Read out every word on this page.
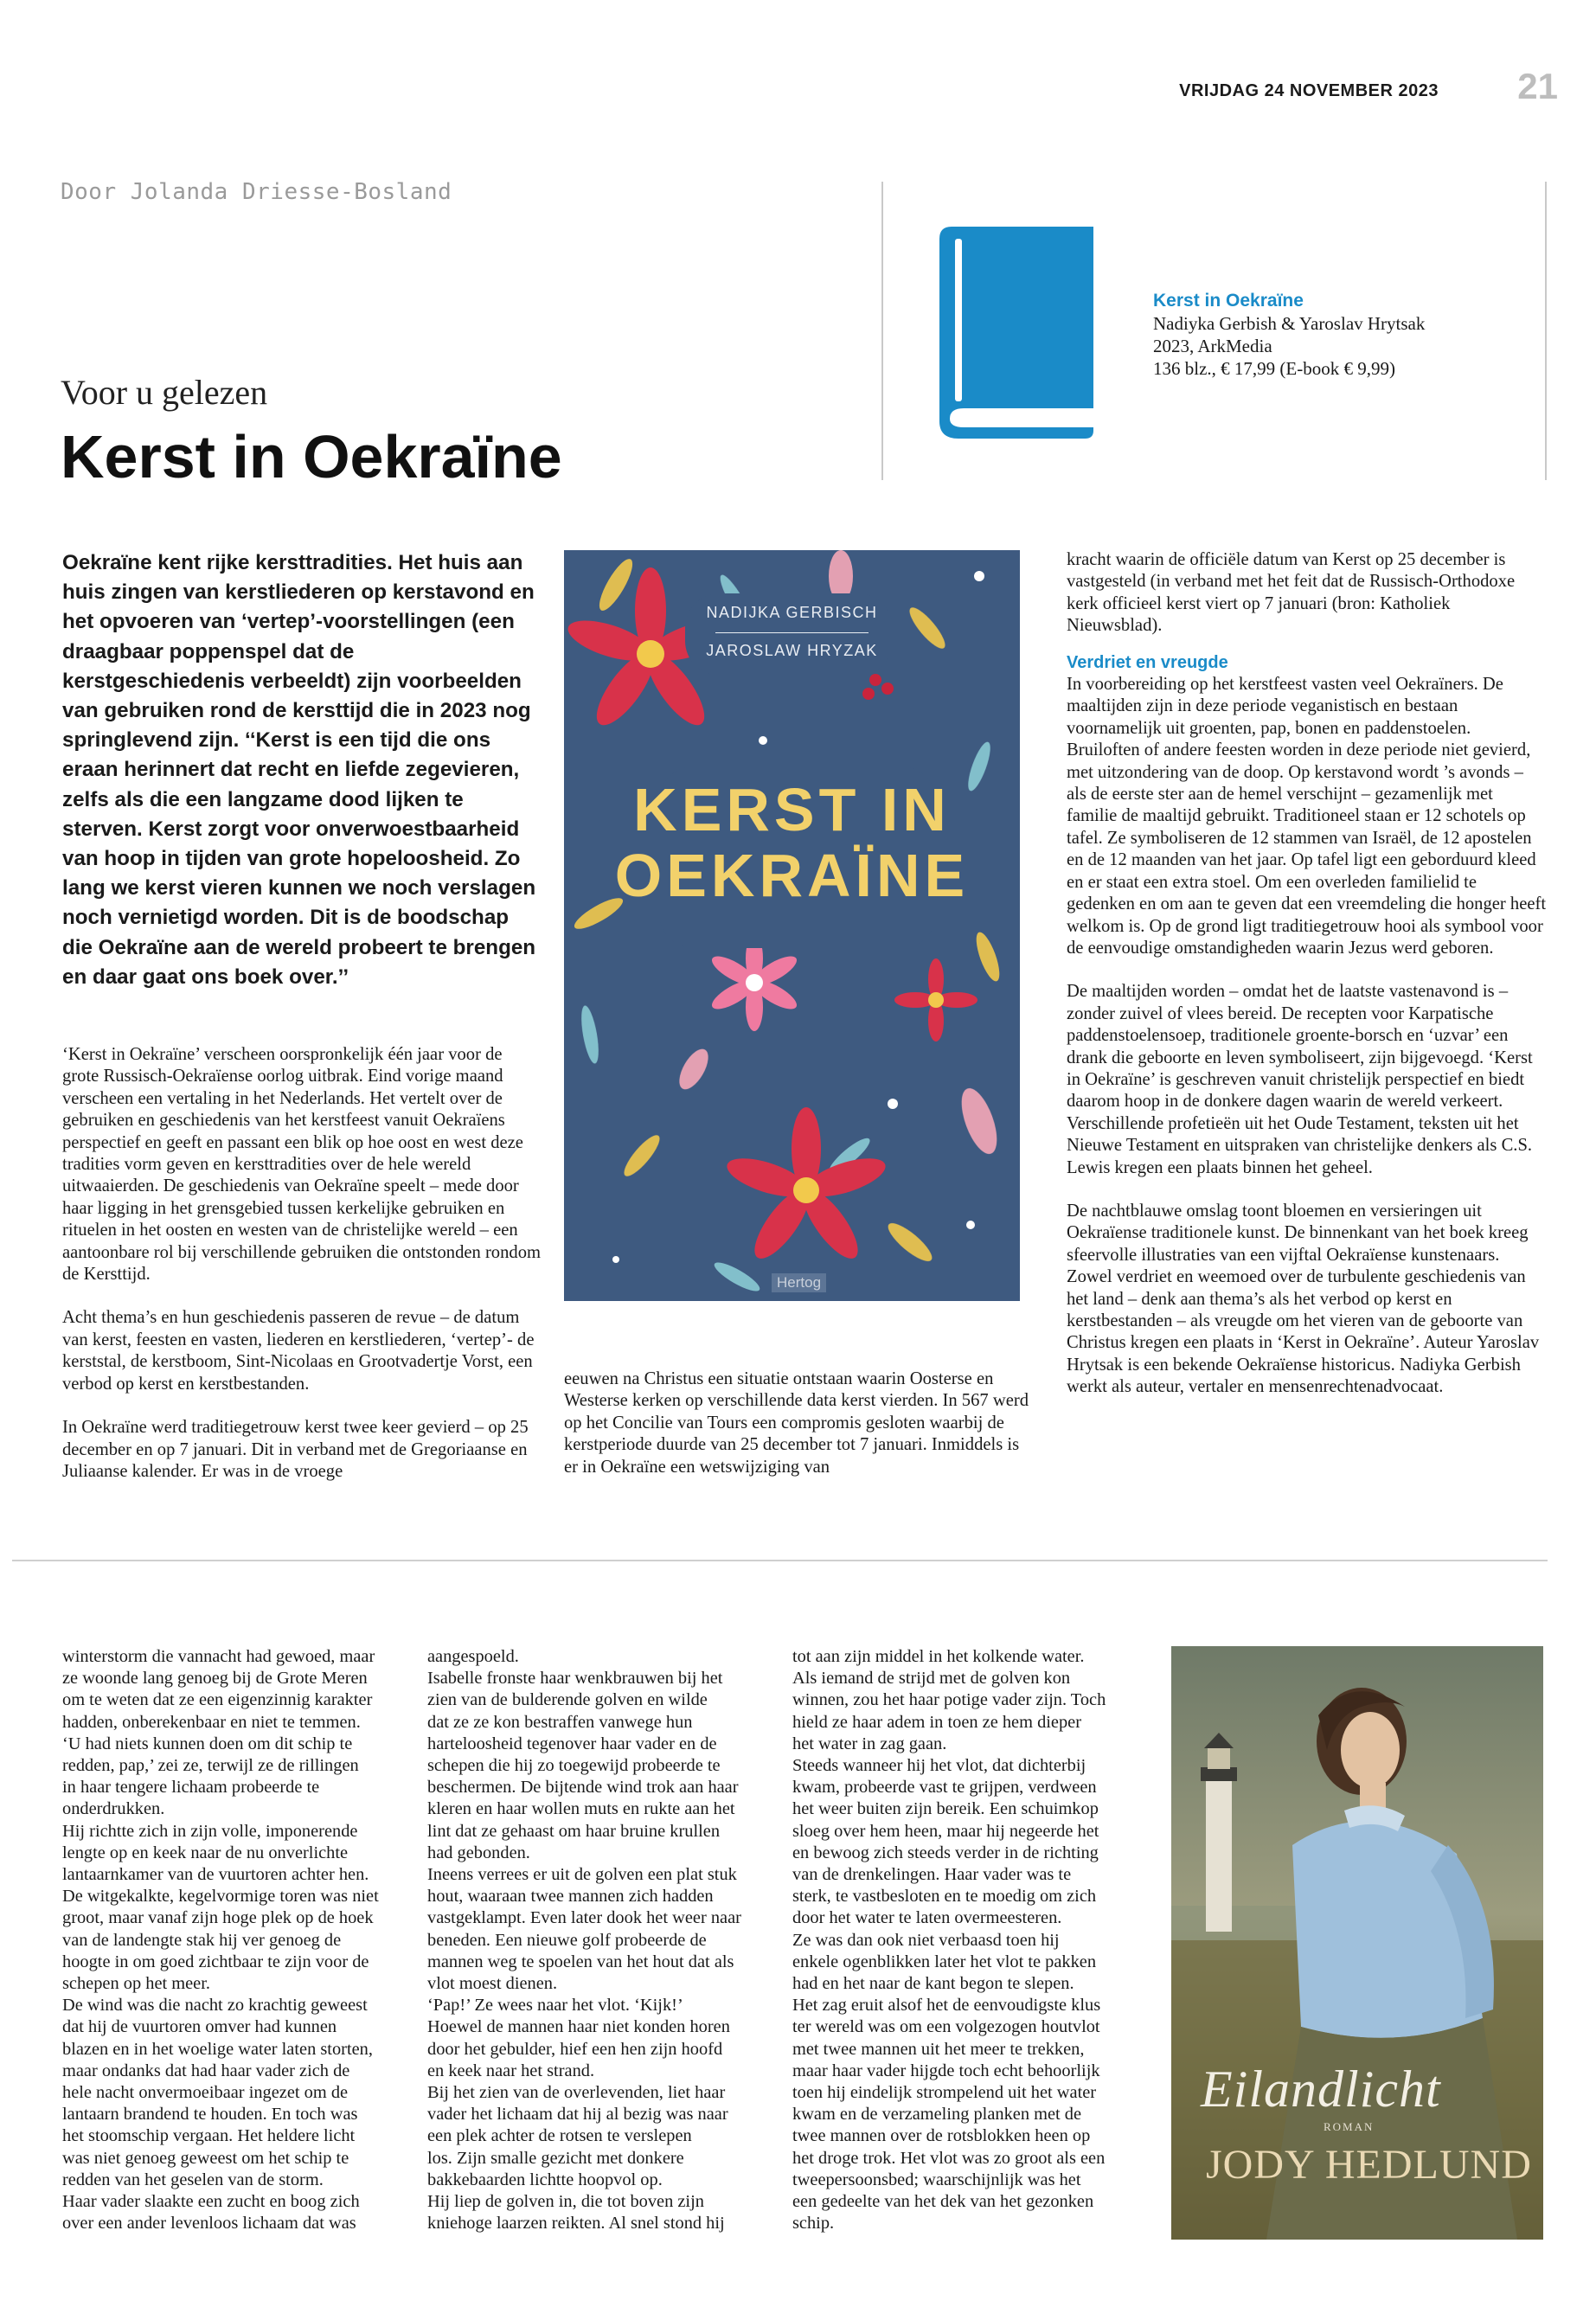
VRIJDAG 24 NOVEMBER 2023 21
Door Jolanda Driesse-Bosland
Voor u gelezen
Kerst in Oekraïne
Kerst in Oekraïne
Nadiyka Gerbish & Yaroslav Hrytsak
2023, ArkMedia
136 blz., € 17,99 (E-book € 9,99)
Oekraïne kent rijke kersttradities. Het huis aan huis zingen van kerstliederen op kerstavond en het opvoeren van ‘vertep’-voorstellingen (een draagbaar poppenspel dat de kerstgeschiedenis verbeeldt) zijn voorbeelden van gebruiken rond de kersttijd die in 2023 nog springlevend zijn. ‘‘Kerst is een tijd die ons eraan herinnert dat recht en liefde zegevieren, zelfs als die een langzame dood lijken te sterven. Kerst zorgt voor onverwoestbaarheid van hoop in tijden van grote hopeloosheid. Zo lang we kerst vieren kunnen we noch verslagen noch vernietigd worden. Dit is de boodschap die Oekraïne aan de wereld probeert te brengen en daar gaat ons boek over.’’

‘Kerst in Oekraïne’ verscheen oorspronkelijk één jaar voor de grote Russisch-Oekraïense oorlog uitbrak. Eind vorige maand verscheen een vertaling in het Nederlands. Het vertelt over de gebruiken en geschiedenis van het kerstfeest vanuit Oekraïens perspectief en geeft en passant een blik op hoe oost en west deze tradities vorm geven en kersttradities over de hele wereld uitwaaierden. De geschiedenis van Oekraïne speelt – mede door haar ligging in het grensgebied tussen kerkelijke gebruiken en rituelen in het oosten en westen van de christelijke wereld – een aantoonbare rol bij verschillende gebruiken die ontstonden rondom de Kersttijd.

Acht thema’s en hun geschiedenis passeren de revue – de datum van kerst, feesten en vasten, liederen en kerstliederen, ‘vertep’- de kerststal, de kerstboom, Sint-Nicolaas en Grootvadertje Vorst, een verbod op kerst en kerstbestanden.

In Oekraïne werd traditiegetrouw kerst twee keer gevierd – op 25 december en op 7 januari. Dit in verband met de Gregoriaanse en Juliaanse kalender. Er was in de vroege

NADIJKA GERBISCH
JAROSLAW HRYZAK
KERST IN
OEKRAÏNE
Hertog

eeuwen na Christus een situatie ontstaan waarin Oosterse en Westerse kerken op verschillende data kerst vierden. In 567 werd op het Concilie van Tours een compromis gesloten waarbij de kerstperiode duurde van 25 december tot 7 januari. Inmiddels is er in Oekraïne een wetswijziging van

kracht waarin de officiële datum van Kerst op 25 december is vastgesteld (in verband met het feit dat de Russisch-Orthodoxe kerk officieel kerst viert op 7 januari (bron: Katholiek Nieuwsblad).

Verdriet en vreugde

In voorbereiding op het kerstfeest vasten veel Oekraïners. De maaltijden zijn in deze periode veganistisch en bestaan voornamelijk uit groenten, pap, bonen en paddenstoelen. Bruiloften of andere feesten worden in deze periode niet gevierd, met uitzondering van de doop. Op kerstavond wordt ’s avonds – als de eerste ster aan de hemel verschijnt – gezamenlijk met familie de maaltijd gebruikt. Traditioneel staan er 12 schotels op tafel. Ze symboliseren de 12 stammen van Israël, de 12 apostelen en de 12 maanden van het jaar. Op tafel ligt een geborduurd kleed en er staat een extra stoel. Om een overleden familielid te gedenken en om aan te geven dat een vreemdeling die honger heeft welkom is. Op de grond ligt traditiegetrouw hooi als symbool voor de eenvoudige omstandigheden waarin Jezus werd geboren.

De maaltijden worden – omdat het de laatste vastenavond is – zonder zuivel of vlees bereid. De recepten voor Karpatische paddenstoelensoep, traditionele groente-borsch en ‘uzvar’ een drank die geboorte en leven symboliseert, zijn bijgevoegd. ‘Kerst in Oekraïne’ is geschreven vanuit christelijk perspectief en biedt daarom hoop in de donkere dagen waarin de wereld verkeert. Verschillende profetieën uit het Oude Testament, teksten uit het Nieuwe Testament en uitspraken van christelijke denkers als C.S. Lewis kregen een plaats binnen het geheel.

De nachtblauwe omslag toont bloemen en versieringen uit Oekraïense traditionele kunst. De binnenkant van het boek kreeg sfeervolle illustraties van een vijftal Oekraïense kunstenaars. Zowel verdriet en weemoed over de turbulente geschiedenis van het land – denk aan thema’s als het verbod op kerst en kerstbestanden – als vreugde om het vieren van de geboorte van Christus kregen een plaats in ‘Kerst in Oekraïne’. Auteur Yaroslav Hrytsak is een bekende Oekraïense historicus. Nadiyka Gerbish werkt als auteur, vertaler en mensenrechtenadvocaat.

winterstorm die vannacht had gewoed, maar
ze woonde lang genoeg bij de Grote Meren
om te weten dat ze een eigenzinnig karakter
hadden, onberekenbaar en niet te temmen.
‘U had niets kunnen doen om dit schip te
redden, pap,’ zei ze, terwijl ze de rillingen
in haar tengere lichaam probeerde te
onderdrukken.
Hij richtte zich in zijn volle, imponerende
lengte op en keek naar de nu onverlichte
lantaarnkamer van de vuurtoren achter hen.
De witgekalkte, kegelvormige toren was niet
groot, maar vanaf zijn hoge plek op de hoek
van de landengte stak hij ver genoeg de
hoogte in om goed zichtbaar te zijn voor de
schepen op het meer.
De wind was die nacht zo krachtig geweest
dat hij de vuurtoren omver had kunnen
blazen en in het woelige water laten storten,
maar ondanks dat had haar vader zich de
hele nacht onvermoeibaar ingezet om de
lantaarn brandend te houden. En toch was
het stoomschip vergaan. Het heldere licht
was niet genoeg geweest om het schip te
redden van het geselen van de storm.
Haar vader slaakte een zucht en boog zich
over een ander levenloos lichaam dat was
aangespoeld.
Isabelle fronste haar wenkbrauwen bij het
zien van de bulderende golven en wilde
dat ze ze kon bestraffen vanwege hun
harteloosheid tegenover haar vader en de
schepen die hij zo toegewijd probeerde te
beschermen. De bijtende wind trok aan haar
kleren en haar wollen muts en rukte aan het
lint dat ze gehaast om haar bruine krullen
had gebonden.
Ineens verrees er uit de golven een plat stuk
hout, waaraan twee mannen zich hadden
vastgeklampt. Even later dook het weer naar
beneden. Een nieuwe golf probeerde de
mannen weg te spoelen van het hout dat als
vlot moest dienen.
‘Pap!’ Ze wees naar het vlot. ‘Kijk!’
Hoewel de mannen haar niet konden horen
door het gebulder, hief een hen zijn hoofd
en keek naar het strand.
Bij het zien van de overlevenden, liet haar
vader het lichaam dat hij al bezig was naar
een plek achter de rotsen te verslepen
los. Zijn smalle gezicht met donkere
bakkebaarden lichtte hoopvol op.
Hij liep de golven in, die tot boven zijn
kniehoge laarzen reikten. Al snel stond hij
tot aan zijn middel in het kolkende water.
Als iemand de strijd met de golven kon
winnen, zou het haar potige vader zijn. Toch
hield ze haar adem in toen ze hem dieper
het water in zag gaan.
Steeds wanneer hij het vlot, dat dichterbij
kwam, probeerde vast te grijpen, verdween
het weer buiten zijn bereik. Een schuimkop
sloeg over hem heen, maar hij negeerde het
en bewoog zich steeds verder in de richting
van de drenkelingen. Haar vader was te
sterk, te vastbesloten en te moedig om zich
door het water te laten overmeesteren.
Ze was dan ook niet verbaasd toen hij
enkele ogenblikken later het vlot te pakken
had en het naar de kant begon te slepen.
Het zag eruit alsof het de eenvoudigste klus
ter wereld was om een volgezogen houtvlot
met twee mannen uit het meer te trekken,
maar haar vader hijgde toch echt behoorlijk
toen hij eindelijk strompelend uit het water
kwam en de verzameling planken met de
twee mannen over de rotsblokken heen op
het droge trok. Het vlot was zo groot als een
tweepersoonsbed; waarschijnlijk was het
een gedeelte van het dek van het gezonken
schip.
Eilandlicht
ROMAN
JODY HEDLUND
